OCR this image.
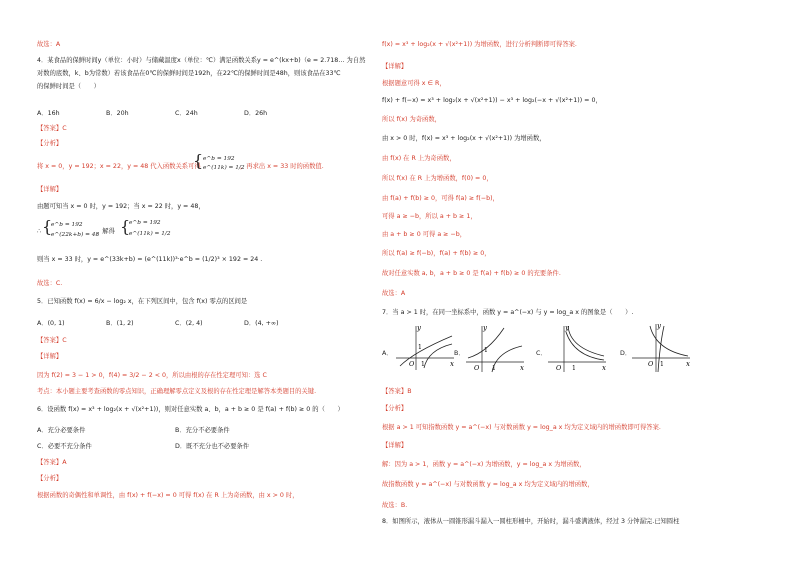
故选：A
4．某食品的保鲜时间y（单位：小时）与储藏温度x（单位：℃）满足函数关系y = e^(kx+b)（e = 2.718… 为自然
对数的底数，k、b为常数）若该食品在0℃的保鲜时间是192h，在22℃的保鲜时间是48h，则该食品在33℃
的保鲜时间是（　　）
A．16h	B．20h	C．24h	D．26h
【答案】C
【分析】
将 x = 0，y = 192；x = 22，y = 48 代入函数关系可得
{ e^b = 192
e^(11k) = 1/2
，再求出 x = 33 时的函数值.
【详解】
由题可知当 x = 0 时，y = 192；当 x = 22 时，y = 48，
∴ {
e^b = 192
e^(22k+b) = 48
，解得 {
e^b = 192
e^(11k) = 1/2
则当 x = 33 时，y = e^(33k+b) = (e^(11k))³·e^b = (1/2)³ × 192 = 24 .
故选：C.
5．已知函数 f(x) = 6/x − log₂ x，在下列区间中，包含 f(x) 零点的区间是
A．(0, 1)	B．(1, 2)	C．(2, 4)	D．(4, +∞)
【答案】C
【详解】
因为 f(2) = 3 − 1 > 0，f(4) = 3/2 − 2 < 0，所以由根的存在性定理可知：选 C
考点：本小题主要考查函数的零点知识，正确理解零点定义及根的存在性定理是解答本类题目的关键.
6．设函数 f(x) = x³ + log₂(x + √(x²+1))，则对任意实数 a、b，a + b ≥ 0 是 f(a) + f(b) ≥ 0 的（　　）
A．充分必要条件	B．充分不必要条件
C．必要不充分条件	D．既不充分也不必要条件
【答案】A
【分析】
根据函数的奇偶性和单调性，由 f(x) + f(−x) = 0 可得 f(x) 在 R 上为奇函数，由 x > 0 时，
f(x) = x³ + log₂(x + √(x²+1)) 为增函数，进行分析判断即可得答案.
【详解】
根据题意可得 x ∈ R，
f(x) + f(−x) = x³ + log₂(x + √(x²+1)) − x³ + log₂(−x + √(x²+1)) = 0，
所以 f(x) 为奇函数，
由 x > 0 时，f(x) = x³ + log₂(x + √(x²+1)) 为增函数，
由 f(x) 在 R 上为奇函数，
所以 f(x) 在 R 上为增函数，f(0) = 0，
由 f(a) + f(b) ≥ 0，可得 f(a) ≥ f(−b)，
可得 a ≥ −b，所以 a + b ≥ 1，
由 a + b ≥ 0 可得 a ≥ −b，
所以 f(a) ≥ f(−b)，f(a) + f(b) ≥ 0，
故对任意实数 a, b，a + b ≥ 0 是 f(a) + f(b) ≥ 0 的充要条件.
故选：A
7．当 a > 1 时，在同一坐标系中，函数 y = a^(−x) 与 y = log_a x 的图象是（　　）.
A．
y
x
O 1
1
B．
y
x
O 1
1	C．
y
x
O 1
D．
y
x
O 1
【答案】B
【分析】
根据 a > 1 可知指数函数 y = a^(−x) 与对数函数 y = log_a x 均为定义域内的增函数即可得答案.
【详解】
解：因为 a > 1，函数 y = a^(−x) 为增函数，y = log_a x 为增函数，
故指数函数 y = a^(−x) 与对数函数 y = log_a x 均为定义域内的增函数，
故选：B.
8．如图所示，液体从一圆锥形漏斗漏入一圆柱形桶中，开始时，漏斗盛满液体，经过 3 分钟漏完.已知圆柱
